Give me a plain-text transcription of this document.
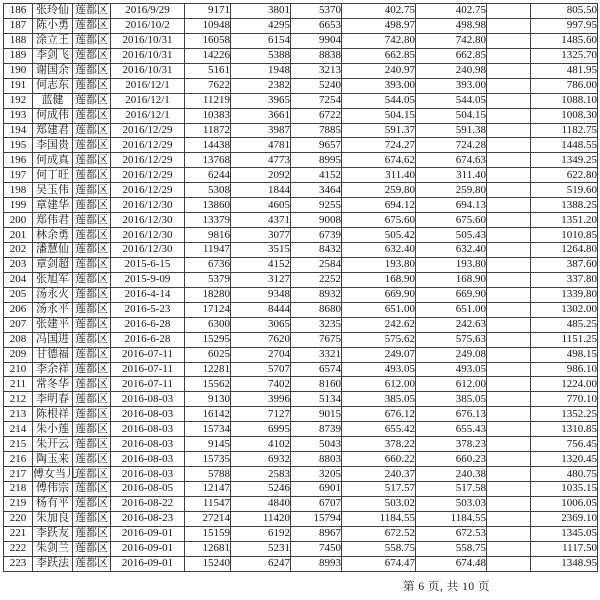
186	张玲仙	莲都区	2016/9/29	9171	3801	5370	402.75	402.75		805.50
187	陈小勇	莲都区	2016/10/2	10948	4295	6653	498.97	498.98		997.95
188	涂立王	莲都区	2016/10/31	16058	6154	9904	742.80	742.80		1485.60
189	李剑飞	莲都区	2016/10/31	14226	5388	8838	662.85	662.85		1325.70
190	谢国余	莲都区	2016/10/31	5161	1948	3213	240.97	240.98		481.95
191	何志东	莲都区	2016/12/1	7622	2382	5240	393.00	393.00		786.00
192	蓝健	莲都区	2016/12/1	11219	3965	7254	544.05	544.05		1088.10
193	何成伟	莲都区	2016/12/1	10383	3661	6722	504.15	504.15		1008.30
194	郑建君	莲都区	2016/12/29	11872	3987	7885	591.37	591.38		1182.75
195	李国贵	莲都区	2016/12/29	14438	4781	9657	724.27	724.28		1448.55
196	何成真	莲都区	2016/12/29	13768	4773	8995	674.62	674.63		1349.25
197	何丁旺	莲都区	2016/12/29	6244	2092	4152	311.40	311.40		622.80
198	吴玉伟	莲都区	2016/12/29	5308	1844	3464	259.80	259.80		519.60
199	章建华	莲都区	2016/12/30	13860	4605	9255	694.12	694.13		1388.25
200	郑伟君	莲都区	2016/12/30	13379	4371	9008	675.60	675.60		1351.20
201	林余勇	莲都区	2016/12/30	9816	3077	6739	505.42	505.43		1010.85
202	潘慧仙	莲都区	2016/12/30	11947	3515	8432	632.40	632.40		1264.80
203	章剑超	莲都区	2015-6-15	6736	4152	2584	193.80	193.80		387.60
204	张旭军	莲都区	2015-9-09	5379	3127	2252	168.90	168.90		337.80
205	汤永火	莲都区	2016-4-14	18280	9348	8932	669.90	669.90		1339.80
206	汤永平	莲都区	2016-5-23	17124	8444	8680	651.00	651.00		1302.00
207	张建平	莲都区	2016-6-28	6300	3065	3235	242.62	242.63		485.25
208	冯国进	莲都区	2016-6-28	15295	7620	7675	575.62	575.63		1151.25
209	甘德福	莲都区	2016-07-11	6025	2704	3321	249.07	249.08		498.15
210	李余祥	莲都区	2016-07-11	12281	5707	6574	493.05	493.05		986.10
211	常冬华	莲都区	2016-07-11	15562	7402	8160	612.00	612.00		1224.00
212	李明春	莲都区	2016-08-03	9130	3996	5134	385.05	385.05		770.10
213	陈根祥	莲都区	2016-08-03	16142	7127	9015	676.12	676.13		1352.25
214	朱小莲	莲都区	2016-08-03	15734	6995	8739	655.42	655.43		1310.85
215	朱开云	莲都区	2016-08-03	9145	4102	5043	378.22	378.23		756.45
216	陶玉来	莲都区	2016-08-03	15735	6932	8803	660.22	660.23		1320.45
217	傅女当儿	莲都区	2016-08-03	5788	2583	3205	240.37	240.38		480.75
218	傅伟宗	莲都区	2016-08-05	12147	5246	6901	517.57	517.58		1035.15
219	杨有平	莲都区	2016-08-22	11547	4840	6707	503.02	503.03		1006.05
220	朱加良	莲都区	2016-08-23	27214	11420	15794	1184.55	1184.55		2369.10
221	李跃友	莲都区	2016-09-01	15159	6192	8967	672.52	672.53		1345.05
222	朱剑兰	莲都区	2016-09-01	12681	5231	7450	558.75	558.75		1117.50
223	李跃法	莲都区	2016-09-01	15240	6247	8993	674.47	674.48		1348.95
第 6 页, 共 10 页
